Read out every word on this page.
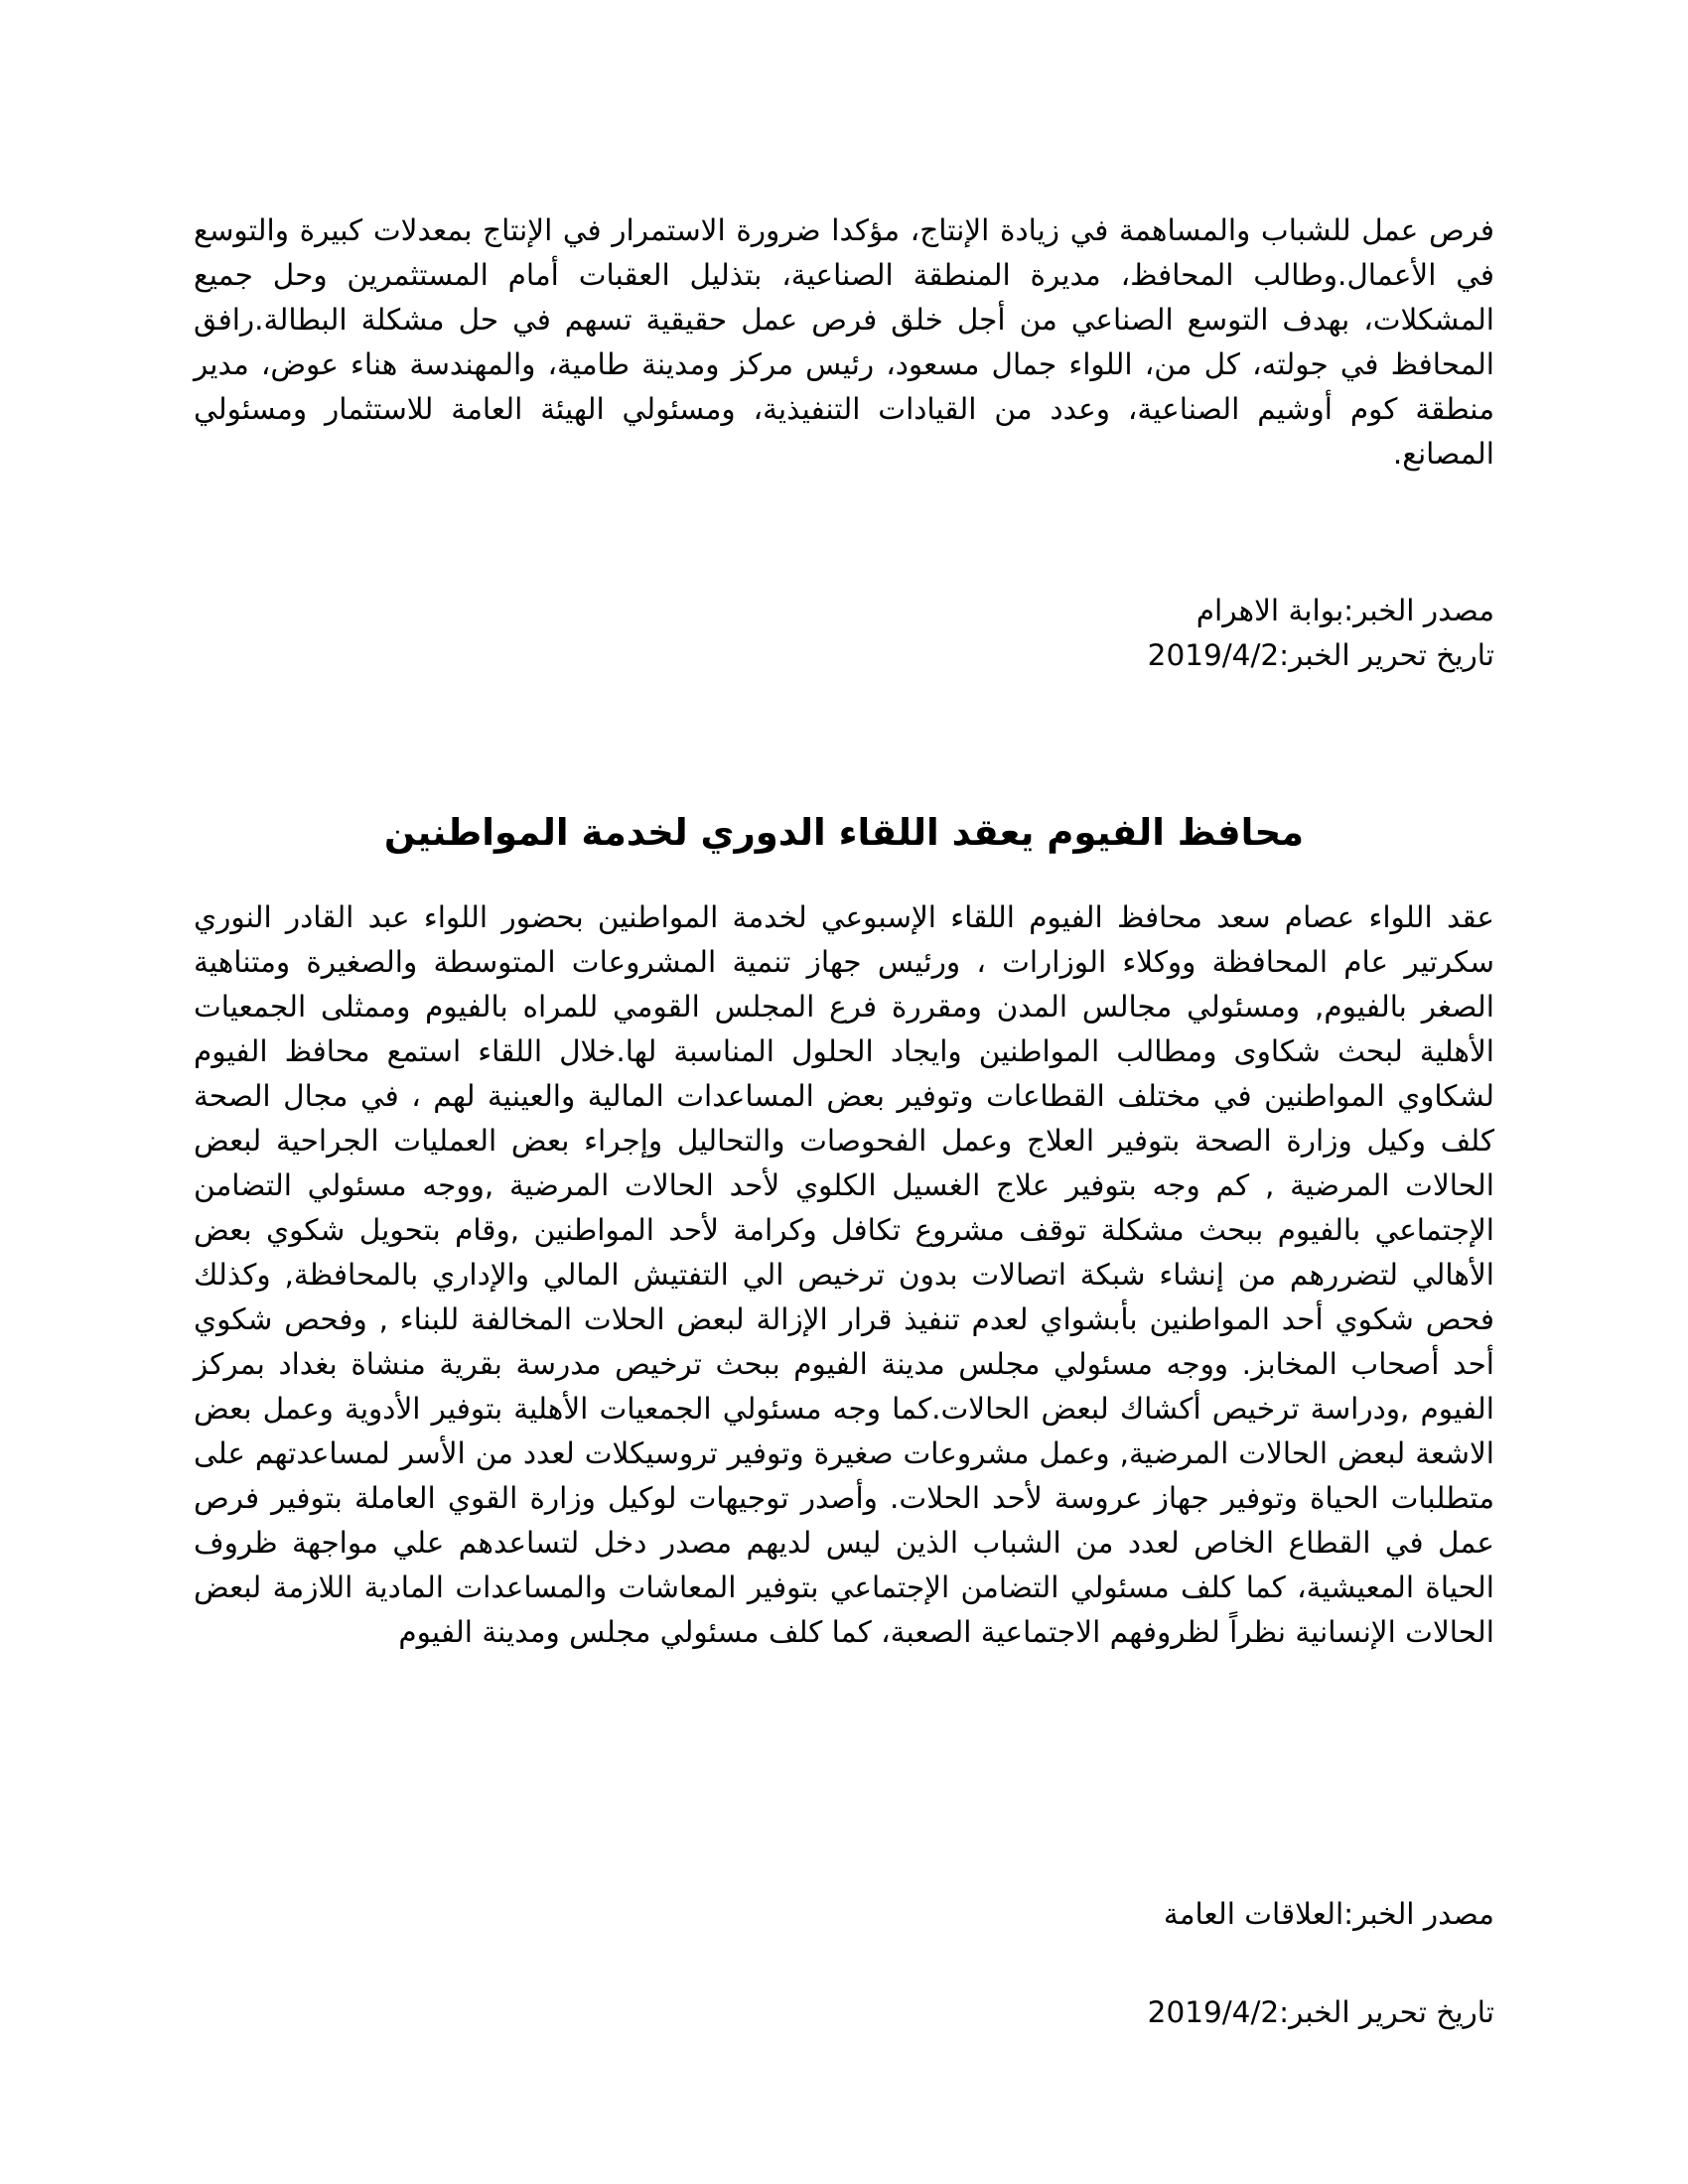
فرص عمل للشباب والمساهمة في زيادة الإنتاج، مؤكدا ضرورة الاستمرار في الإنتاج بمعدلات كبيرة والتوسع في الأعمال.وطالب المحافظ، مديرة المنطقة الصناعية، بتذليل العقبات أمام المستثمرين وحل جميع المشكلات، بهدف التوسع الصناعي من أجل خلق فرص عمل حقيقية تسهم في حل مشكلة البطالة.رافق المحافظ في جولته، كل من، اللواء جمال مسعود، رئيس مركز ومدينة طامية، والمهندسة هناء عوض، مدير منطقة كوم أوشيم الصناعية، وعدد من القيادات التنفيذية، ومسئولي الهيئة العامة للاستثمار ومسئولي المصانع.

مصدر الخبر:بوابة الاهرام

تاريخ تحرير الخبر:2019/4/2

محافظ الفيوم يعقد اللقاء الدوري لخدمة المواطنين

عقد اللواء عصام سعد محافظ الفيوم اللقاء الإسبوعي لخدمة المواطنين بحضور اللواء عبد القادر النوري سكرتير عام المحافظة ووكلاء الوزارات ، ورئيس جهاز تنمية المشروعات المتوسطة والصغيرة ومتناهية الصغر بالفيوم, ومسئولي مجالس المدن ومقررة فرع المجلس القومي للمراه بالفيوم وممثلى الجمعيات الأهلية لبحث شكاوى ومطالب المواطنين وايجاد الحلول المناسبة لها.خلال اللقاء استمع محافظ الفيوم لشكاوي المواطنين في مختلف القطاعات وتوفير بعض المساعدات المالية والعينية لهم ، في مجال الصحة كلف وكيل وزارة الصحة بتوفير العلاج وعمل الفحوصات والتحاليل وإجراء بعض العمليات الجراحية لبعض الحالات المرضية , كم وجه بتوفير علاج الغسيل الكلوي لأحد الحالات المرضية ,ووجه مسئولي التضامن الإجتماعي بالفيوم ببحث مشكلة توقف مشروع تكافل وكرامة لأحد المواطنين ,وقام بتحويل شكوي بعض الأهالي لتضررهم من إنشاء شبكة اتصالات بدون ترخيص الي التفتيش المالي والإداري بالمحافظة, وكذلك فحص شكوي أحد المواطنين بأبشواي لعدم تنفيذ قرار الإزالة لبعض الحلات المخالفة للبناء , وفحص شكوي أحد أصحاب المخابز. ووجه مسئولي مجلس مدينة الفيوم ببحث ترخيص مدرسة بقرية منشاة بغداد بمركز الفيوم ,ودراسة ترخيص أكشاك لبعض الحالات.كما وجه مسئولي الجمعيات الأهلية بتوفير الأدوية وعمل بعض الاشعة لبعض الحالات المرضية, وعمل مشروعات صغيرة وتوفير تروسيكلات لعدد من الأسر لمساعدتهم على متطلبات الحياة وتوفير جهاز عروسة لأحد الحلات. وأصدر توجيهات لوكيل وزارة القوي العاملة بتوفير فرص عمل في القطاع الخاص لعدد من الشباب الذين ليس لديهم مصدر دخل لتساعدهم علي مواجهة ظروف الحياة المعيشية، كما كلف مسئولي التضامن الإجتماعي بتوفير المعاشات والمساعدات المادية اللازمة لبعض الحالات الإنسانية نظراً لظروفهم الاجتماعية الصعبة، كما كلف مسئولي مجلس ومدينة الفيوم

مصدر الخبر:العلاقات العامة

تاريخ تحرير الخبر:2019/4/2
